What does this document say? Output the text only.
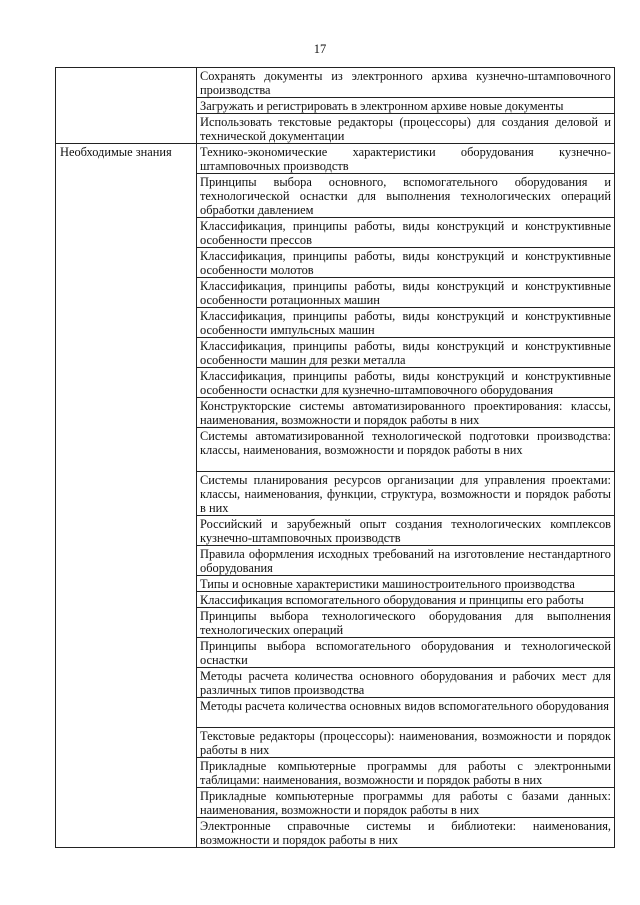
17
	Сохранять документы из электронного архива кузнечно-штамповочного производства
	Загружать и регистрировать в электронном архиве новые документы
	Использовать текстовые редакторы (процессоры) для создания деловой и технической документации
Необходимые знания	Технико-экономические характеристики оборудования кузнечно-штамповочных производств
	Принципы выбора основного, вспомогательного оборудования и технологической оснастки для выполнения технологических операций обработки давлением
	Классификация, принципы работы, виды конструкций и конструктивные особенности прессов
	Классификация, принципы работы, виды конструкций и конструктивные особенности молотов
	Классификация, принципы работы, виды конструкций и конструктивные особенности ротационных машин
	Классификация, принципы работы, виды конструкций и конструктивные особенности импульсных машин
	Классификация, принципы работы, виды конструкций и конструктивные особенности машин для резки металла
	Классификация, принципы работы, виды конструкций и конструктивные особенности оснастки для кузнечно-штамповочного оборудования
	Конструкторские системы автоматизированного проектирования: классы, наименования, возможности и порядок работы в них
	Системы автоматизированной технологической подготовки производства: классы, наименования, возможности и порядок работы в них
	Системы планирования ресурсов организации для управления проектами: классы, наименования, функции, структура, возможности и порядок работы в них
	Российский и зарубежный опыт создания технологических комплексов кузнечно-штамповочных производств
	Правила оформления исходных требований на изготовление нестандартного оборудования
	Типы и основные характеристики машиностроительного производства
	Классификация вспомогательного оборудования и принципы его работы
	Принципы выбора технологического оборудования для выполнения технологических операций
	Принципы выбора вспомогательного оборудования и технологической оснастки
	Методы расчета количества основного оборудования и рабочих мест для различных типов производства
	Методы расчета количества основных видов вспомогательного оборудования
	Текстовые редакторы (процессоры): наименования, возможности и порядок работы в них
	Прикладные компьютерные программы для работы с электронными таблицами: наименования, возможности и порядок работы в них
	Прикладные компьютерные программы для работы с базами данных: наименования, возможности и порядок работы в них
	Электронные справочные системы и библиотеки: наименования, возможности и порядок работы в них
